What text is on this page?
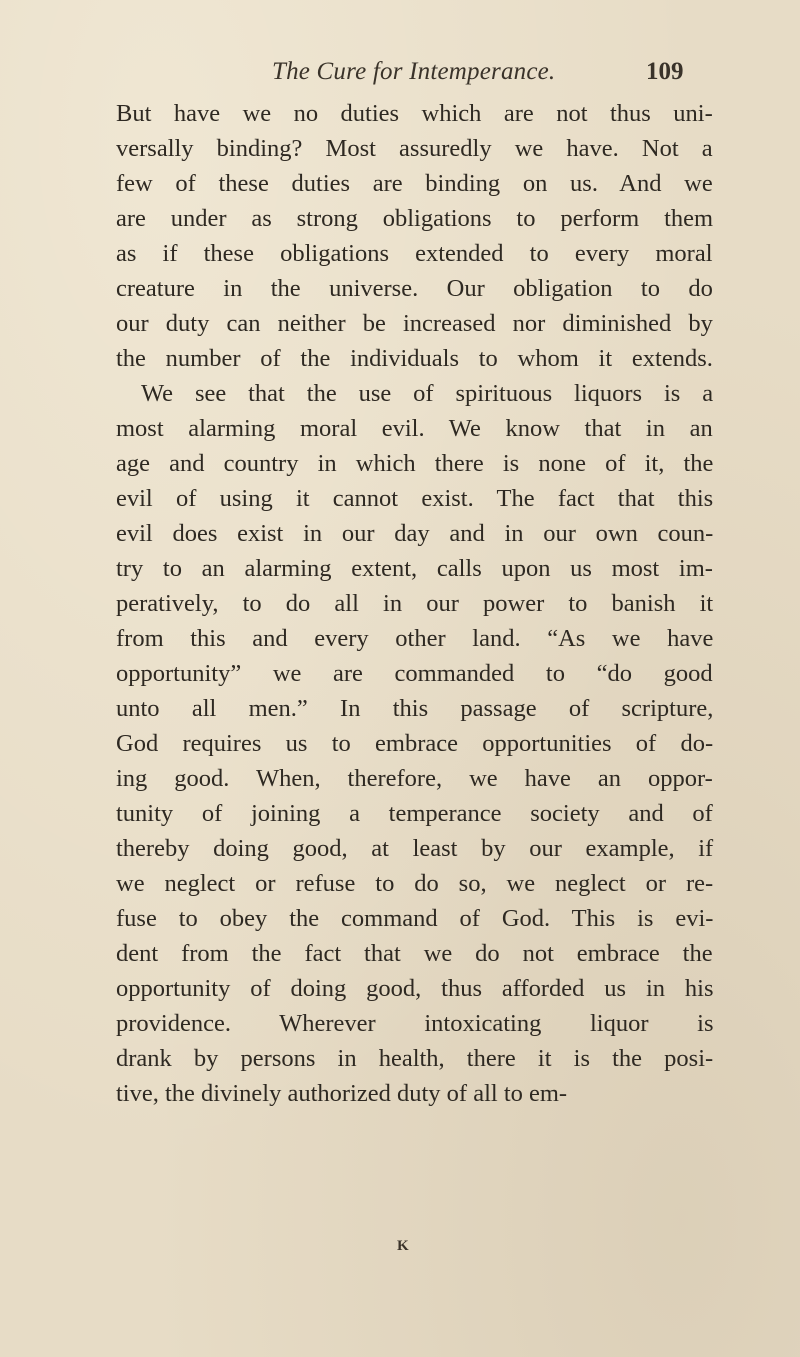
The Cure for Intemperance.	109
But have we no duties which are not thus uni-
versally binding? Most assuredly we have. Not a
few of these duties are binding on us. And we
are under as strong obligations to perform them
as if these obligations extended to every moral
creature in the universe. Our obligation to do
our duty can neither be increased nor diminished by
the number of the individuals to whom it extends.
We see that the use of spirituous liquors is a
most alarming moral evil. We know that in an
age and country in which there is none of it, the
evil of using it cannot exist. The fact that this
evil does exist in our day and in our own coun-
try to an alarming extent, calls upon us most im-
peratively, to do all in our power to banish it
from this and every other land. “As we have
opportunity” we are commanded to “do good
unto all men.” In this passage of scripture,
God requires us to embrace opportunities of do-
ing good. When, therefore, we have an oppor-
tunity of joining a temperance society and of
thereby doing good, at least by our example, if
we neglect or refuse to do so, we neglect or re-
fuse to obey the command of God. This is evi-
dent from the fact that we do not embrace the
opportunity of doing good, thus afforded us in his
providence. Wherever intoxicating liquor is
drank by persons in health, there it is the posi-
tive, the divinely authorized duty of all to em-
K
